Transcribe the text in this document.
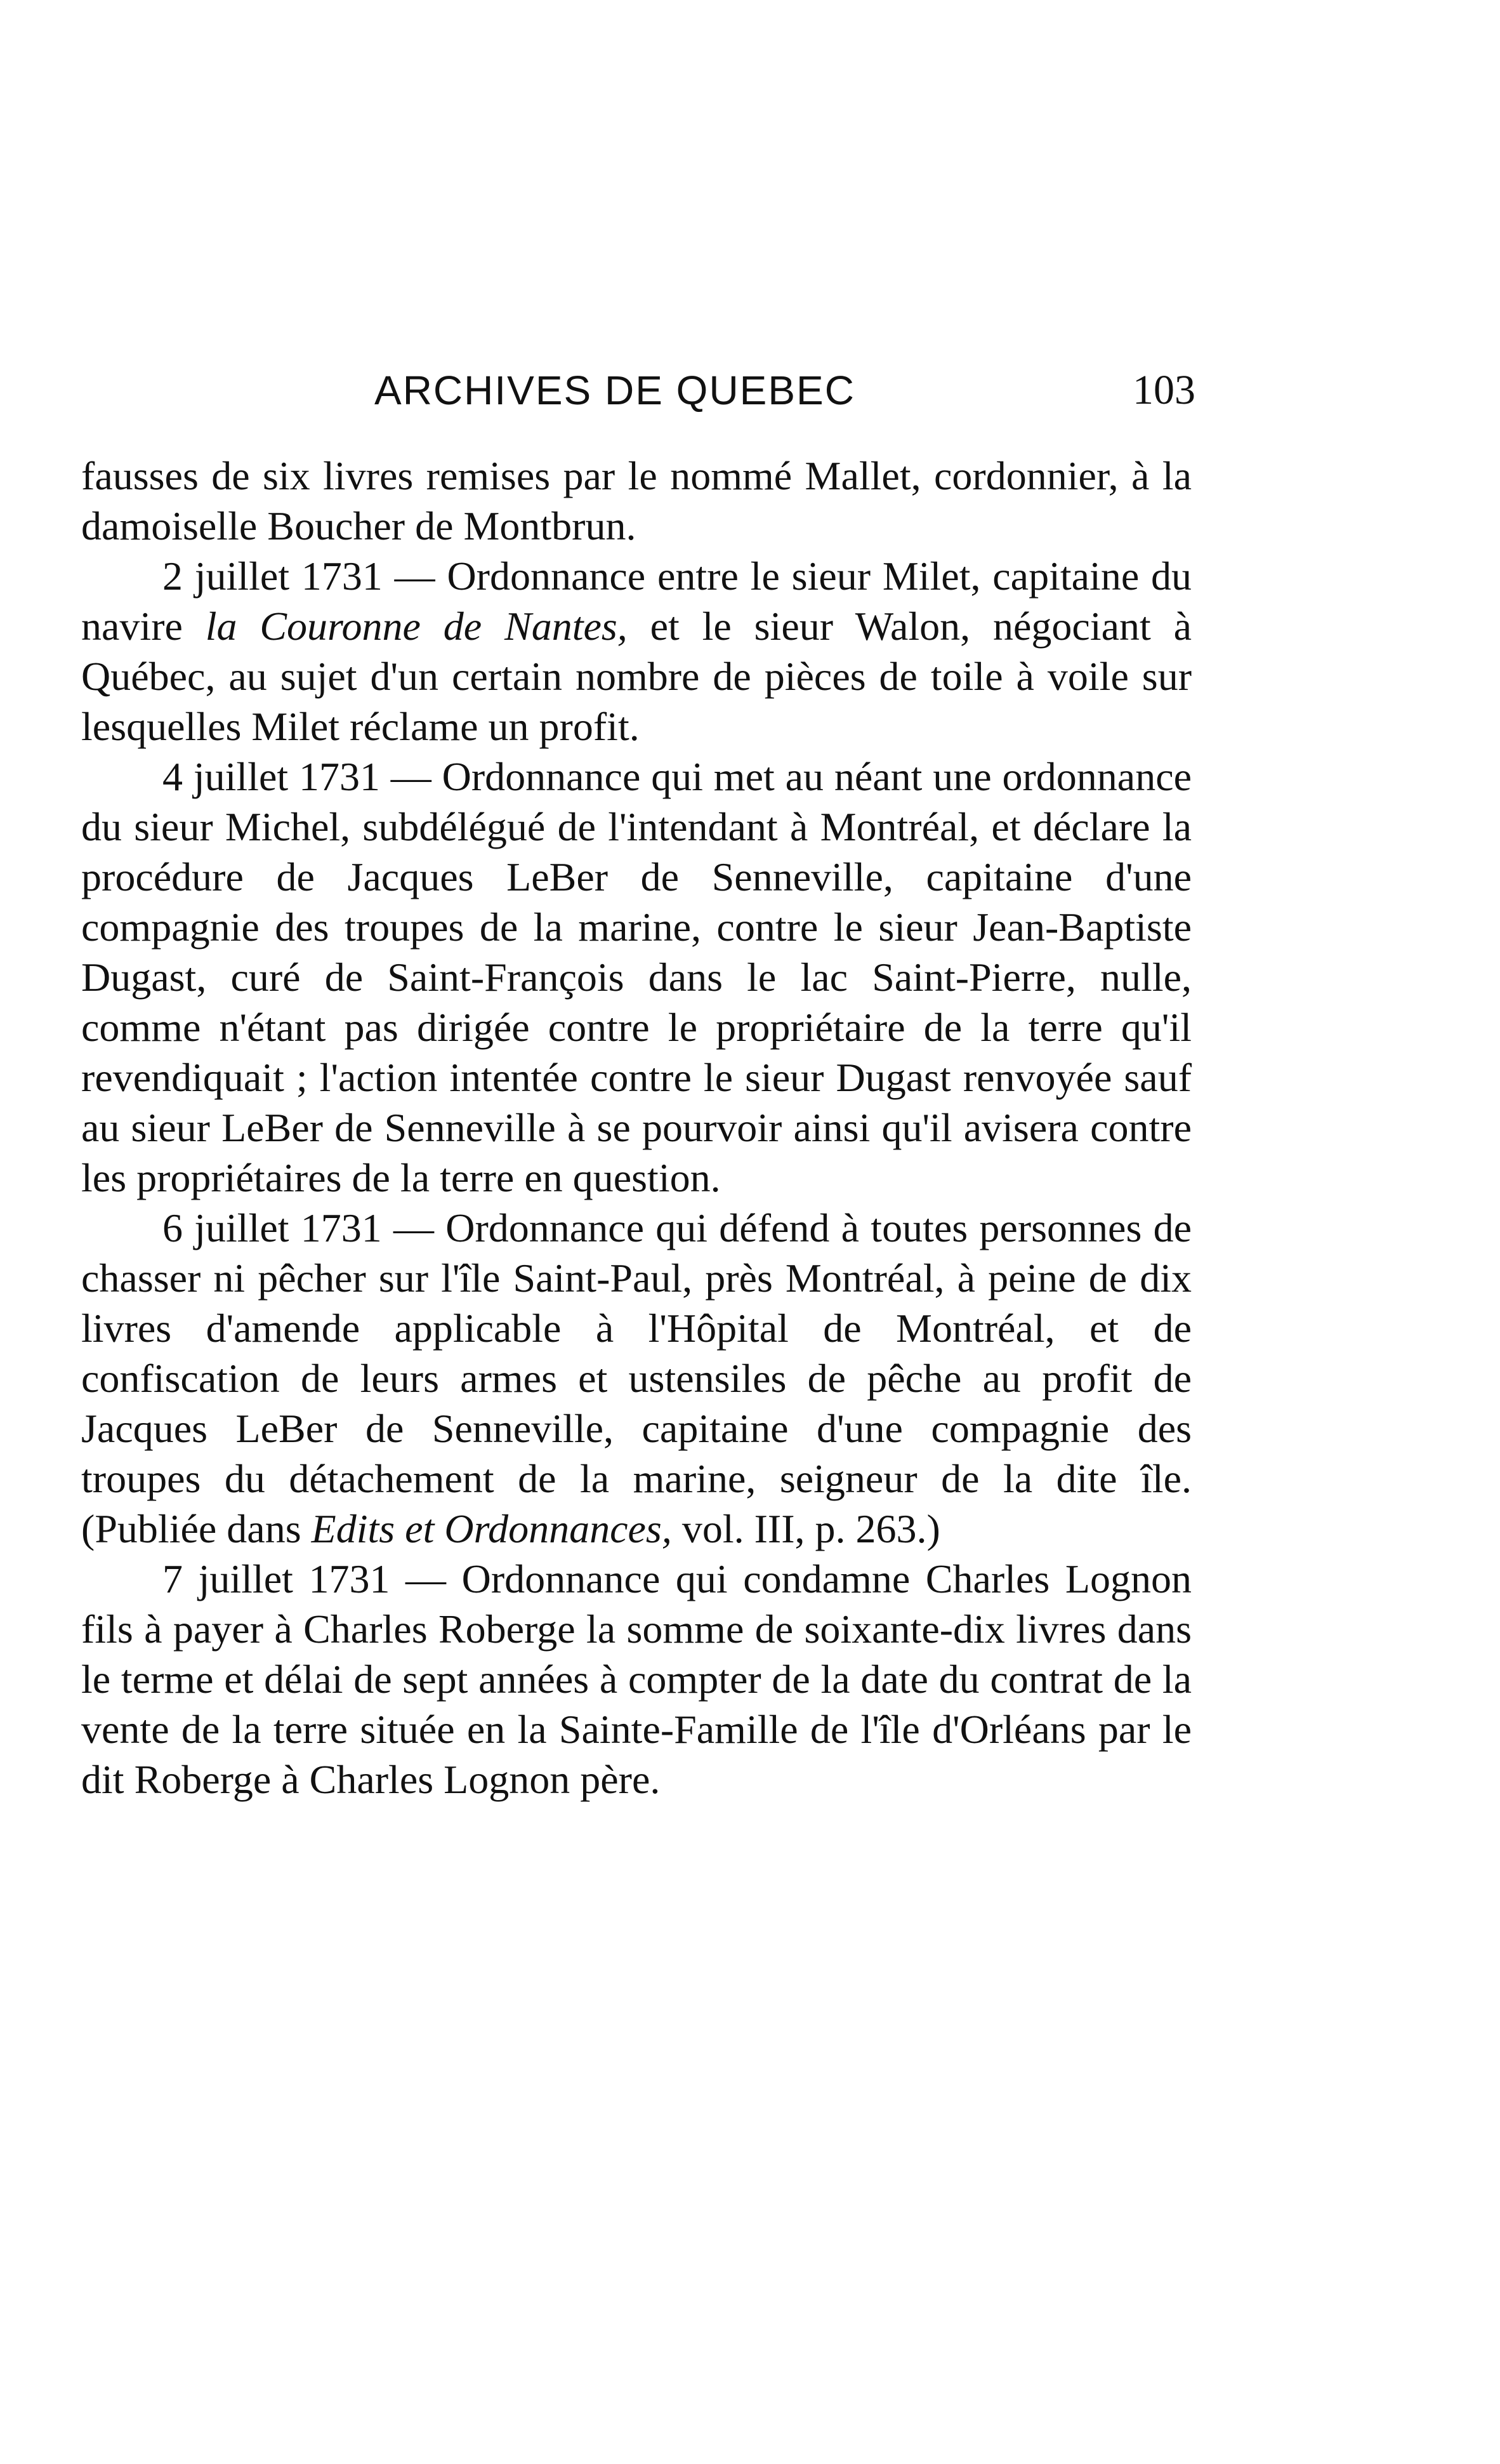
ARCHIVES DE QUEBEC	103

fausses de six livres remises par le nommé Mallet, cordonnier, à la damoiselle Boucher de Montbrun.

2 juillet 1731 — Ordonnance entre le sieur Milet, capitaine du navire la Couronne de Nantes, et le sieur Walon, négociant à Québec, au sujet d'un certain nombre de pièces de toile à voile sur lesquelles Milet réclame un profit.

4 juillet 1731 — Ordonnance qui met au néant une ordonnance du sieur Michel, subdélégué de l'intendant à Montréal, et déclare la procédure de Jacques LeBer de Senneville, capitaine d'une compagnie des troupes de la marine, contre le sieur Jean-Baptiste Dugast, curé de Saint-François dans le lac Saint-Pierre, nulle, comme n'étant pas dirigée contre le propriétaire de la terre qu'il revendiquait ; l'action intentée contre le sieur Dugast renvoyée sauf au sieur LeBer de Senneville à se pourvoir ainsi qu'il avisera contre les propriétaires de la terre en question.

6 juillet 1731 — Ordonnance qui défend à toutes personnes de chasser ni pêcher sur l'île Saint-Paul, près Montréal, à peine de dix livres d'amende applicable à l'Hôpital de Montréal, et de confiscation de leurs armes et ustensiles de pêche au profit de Jacques LeBer de Senneville, capitaine d'une compagnie des troupes du détachement de la marine, seigneur de la dite île. (Publiée dans Edits et Ordonnances, vol. III, p. 263.)

7 juillet 1731 — Ordonnance qui condamne Charles Lognon fils à payer à Charles Roberge la somme de soixante-dix livres dans le terme et délai de sept années à compter de la date du contrat de la vente de la terre située en la Sainte-Famille de l'île d'Orléans par le dit Roberge à Charles Lognon père.
